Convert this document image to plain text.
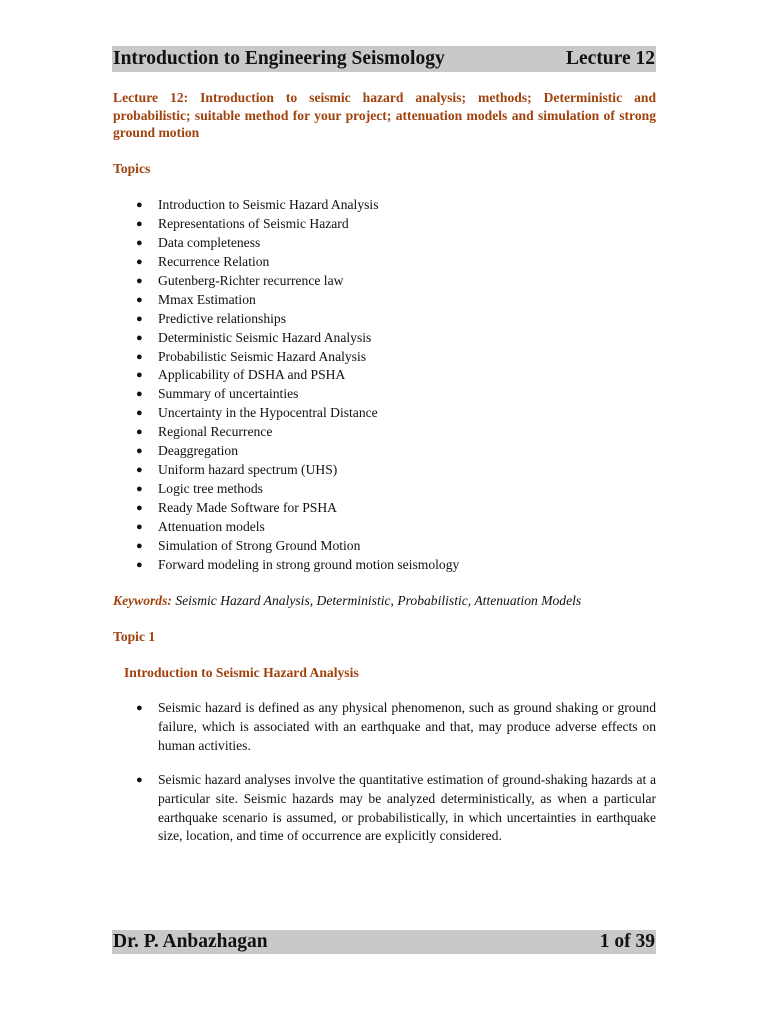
Introduction to Engineering Seismology	Lecture 12
Lecture 12: Introduction to seismic hazard analysis; methods; Deterministic and probabilistic; suitable method for your project; attenuation models and simulation of strong ground motion
Topics
● Introduction to Seismic Hazard Analysis
● Representations of Seismic Hazard
● Data completeness
● Recurrence Relation
● Gutenberg-Richter recurrence law
● Mmax Estimation
● Predictive relationships
● Deterministic Seismic Hazard Analysis
● Probabilistic Seismic Hazard Analysis
● Applicability of DSHA and PSHA
● Summary of uncertainties
● Uncertainty in the Hypocentral Distance
● Regional Recurrence
● Deaggregation
● Uniform hazard spectrum (UHS)
● Logic tree methods
● Ready Made Software for PSHA
● Attenuation models
● Simulation of Strong Ground Motion
● Forward modeling in strong ground motion seismology
Keywords: Seismic Hazard Analysis, Deterministic, Probabilistic, Attenuation Models
Topic 1
Introduction to Seismic Hazard Analysis
● Seismic hazard is defined as any physical phenomenon, such as ground shaking or ground failure, which is associated with an earthquake and that, may produce adverse effects on human activities.
● Seismic hazard analyses involve the quantitative estimation of ground-shaking hazards at a particular site. Seismic hazards may be analyzed deterministically, as when a particular earthquake scenario is assumed, or probabilistically, in which uncertainties in earthquake size, location, and time of occurrence are explicitly considered.
Dr. P. Anbazhagan	1 of 39
